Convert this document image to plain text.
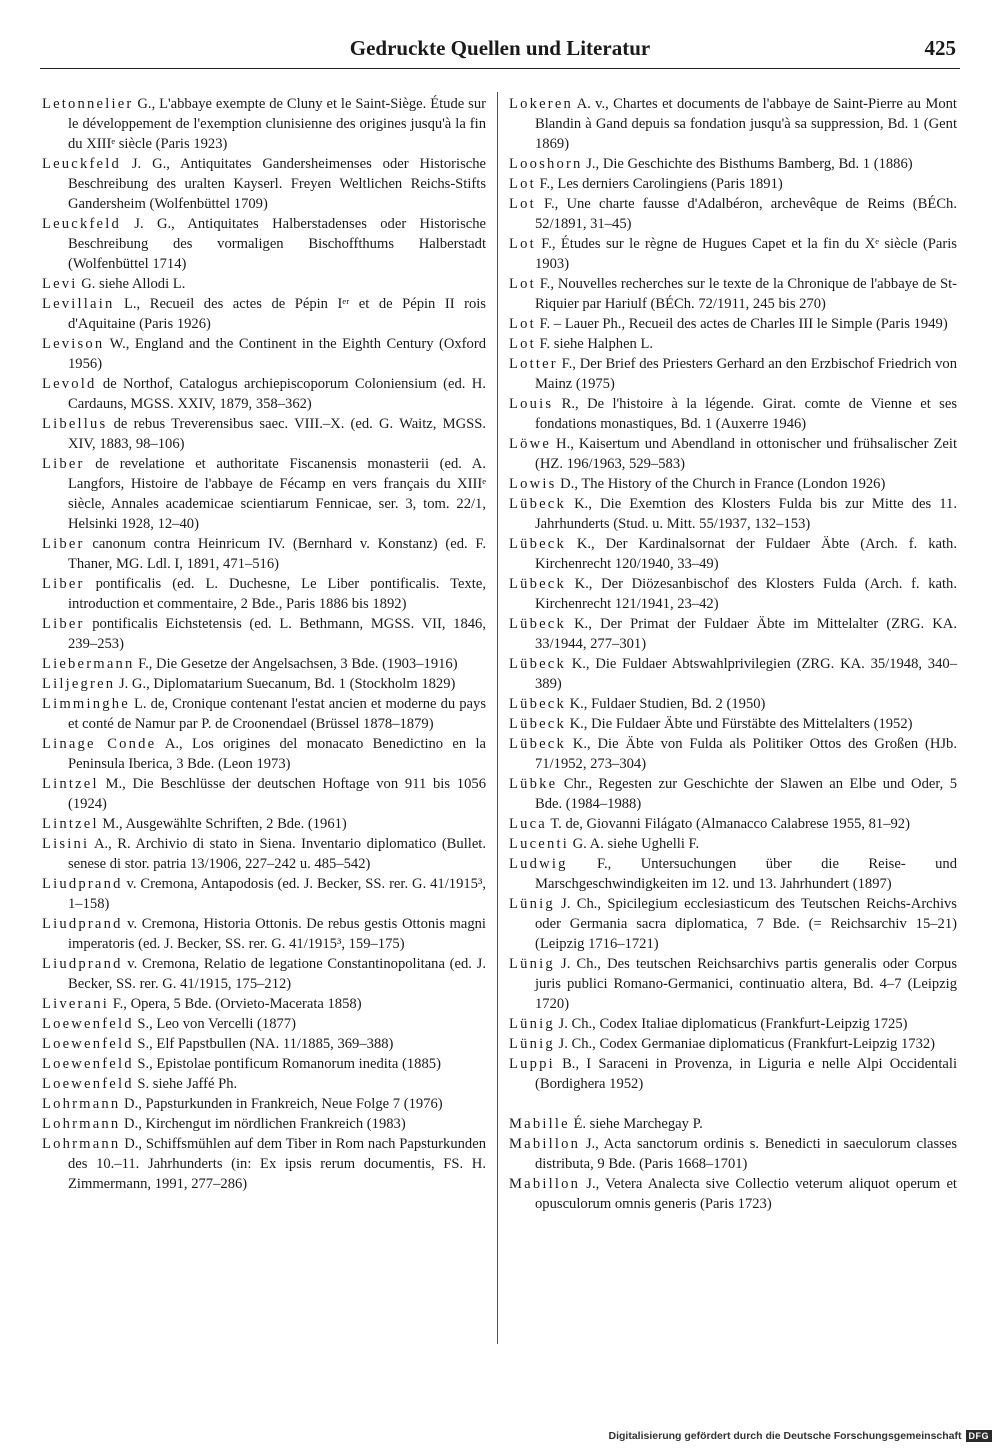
Gedruckte Quellen und Literatur	425
Letonnelier G., L'abbaye exempte de Cluny et le Saint-Siège. Étude sur le développement de l'exemption clunisienne des origines jusqu'à la fin du XIIIᵉ siècle (Paris 1923)
Leuckfeld J. G., Antiquitates Gandersheimenses oder Historische Beschreibung des uralten Kayserl. Freyen Weltlichen Reichs-Stifts Gandersheim (Wolfenbüttel 1709)
Leuckfeld J. G., Antiquitates Halberstadenses oder Historische Beschreibung des vormaligen Bischoffthums Halberstadt (Wolfenbüttel 1714)
Levi G. siehe Allodi L.
Levillain L., Recueil des actes de Pépin Iᵉʳ et de Pépin II rois d'Aquitaine (Paris 1926)
Levison W., England and the Continent in the Eighth Century (Oxford 1956)
Levold de Northof, Catalogus archiepiscoporum Coloniensium (ed. H. Cardauns, MGSS. XXIV, 1879, 358–362)
Libellus de rebus Treverensibus saec. VIII.–X. (ed. G. Waitz, MGSS. XIV, 1883, 98–106)
Liber de revelatione et authoritate Fiscanensis monasterii (ed. A. Langfors, Histoire de l'abbaye de Fécamp en vers français du XIIIᵉ siècle, Annales academicae scientiarum Fennicae, ser. 3, tom. 22/1, Helsinki 1928, 12–40)
Liber canonum contra Heinricum IV. (Bernhard v. Konstanz) (ed. F. Thaner, MG. Ldl. I, 1891, 471–516)
Liber pontificalis (ed. L. Duchesne, Le Liber pontificalis. Texte, introduction et commentaire, 2 Bde., Paris 1886 bis 1892)
Liber pontificalis Eichstetensis (ed. L. Bethmann, MGSS. VII, 1846, 239–253)
Liebermann F., Die Gesetze der Angelsachsen, 3 Bde. (1903–1916)
Liljegren J. G., Diplomatarium Suecanum, Bd. 1 (Stockholm 1829)
Limminghe L. de, Cronique contenant l'estat ancien et moderne du pays et conté de Namur par P. de Croonendael (Brüssel 1878–1879)
Linage Conde A., Los origines del monacato Benedictino en la Peninsula Iberica, 3 Bde. (Leon 1973)
Lintzel M., Die Beschlüsse der deutschen Hoftage von 911 bis 1056 (1924)
Lintzel M., Ausgewählte Schriften, 2 Bde. (1961)
Lisini A., R. Archivio di stato in Siena. Inventario diplomatico (Bullet. senese di stor. patria 13/1906, 227–242 u. 485–542)
Liudprand v. Cremona, Antapodosis (ed. J. Becker, SS. rer. G. 41/1915³, 1–158)
Liudprand v. Cremona, Historia Ottonis. De rebus gestis Ottonis magni imperatoris (ed. J. Becker, SS. rer. G. 41/1915³, 159–175)
Liudprand v. Cremona, Relatio de legatione Constantinopolitana (ed. J. Becker, SS. rer. G. 41/1915, 175–212)
Liverani F., Opera, 5 Bde. (Orvieto-Macerata 1858)
Loewenfeld S., Leo von Vercelli (1877)
Loewenfeld S., Elf Papstbullen (NA. 11/1885, 369–388)
Loewenfeld S., Epistolae pontificum Romanorum inedita (1885)
Loewenfeld S. siehe Jaffé Ph.
Lohrmann D., Papsturkunden in Frankreich, Neue Folge 7 (1976)
Lohrmann D., Kirchengut im nördlichen Frankreich (1983)
Lohrmann D., Schiffsmühlen auf dem Tiber in Rom nach Papsturkunden des 10.–11. Jahrhunderts (in: Ex ipsis rerum documentis, FS. H. Zimmermann, 1991, 277–286)
Lokeren A. v., Chartes et documents de l'abbaye de Saint-Pierre au Mont Blandin à Gand depuis sa fondation jusqu'à sa suppression, Bd. 1 (Gent 1869)
Looshorn J., Die Geschichte des Bisthums Bamberg, Bd. 1 (1886)
Lot F., Les derniers Carolingiens (Paris 1891)
Lot F., Une charte fausse d'Adalbéron, archevêque de Reims (BÉCh. 52/1891, 31–45)
Lot F., Études sur le règne de Hugues Capet et la fin du Xᵉ siècle (Paris 1903)
Lot F., Nouvelles recherches sur le texte de la Chronique de l'abbaye de St-Riquier par Hariulf (BÉCh. 72/1911, 245 bis 270)
Lot F. – Lauer Ph., Recueil des actes de Charles III le Simple (Paris 1949)
Lot F. siehe Halphen L.
Lotter F., Der Brief des Priesters Gerhard an den Erzbischof Friedrich von Mainz (1975)
Louis R., De l'histoire à la légende. Girat. comte de Vienne et ses fondations monastiques, Bd. 1 (Auxerre 1946)
Löwe H., Kaisertum und Abendland in ottonischer und frühsalischer Zeit (HZ. 196/1963, 529–583)
Lowis D., The History of the Church in France (London 1926)
Lübeck K., Die Exemtion des Klosters Fulda bis zur Mitte des 11. Jahrhunderts (Stud. u. Mitt. 55/1937, 132–153)
Lübeck K., Der Kardinalsornat der Fuldaer Äbte (Arch. f. kath. Kirchenrecht 120/1940, 33–49)
Lübeck K., Der Diözesanbischof des Klosters Fulda (Arch. f. kath. Kirchenrecht 121/1941, 23–42)
Lübeck K., Der Primat der Fuldaer Äbte im Mittelalter (ZRG. KA. 33/1944, 277–301)
Lübeck K., Die Fuldaer Abtswahlprivilegien (ZRG. KA. 35/1948, 340–389)
Lübeck K., Fuldaer Studien, Bd. 2 (1950)
Lübeck K., Die Fuldaer Äbte und Fürstäbte des Mittelalters (1952)
Lübeck K., Die Äbte von Fulda als Politiker Ottos des Großen (HJb. 71/1952, 273–304)
Lübke Chr., Regesten zur Geschichte der Slawen an Elbe und Oder, 5 Bde. (1984–1988)
Luca T. de, Giovanni Filágato (Almanacco Calabrese 1955, 81–92)
Lucenti G. A. siehe Ughelli F.
Ludwig F., Untersuchungen über die Reise- und Marschgeschwindigkeiten im 12. und 13. Jahrhundert (1897)
Lünig J. Ch., Spicilegium ecclesiasticum des Teutschen Reichs-Archivs oder Germania sacra diplomatica, 7 Bde. (= Reichsarchiv 15–21) (Leipzig 1716–1721)
Lünig J. Ch., Des teutschen Reichsarchivs partis generalis oder Corpus juris publici Romano-Germanici, continuatio altera, Bd. 4–7 (Leipzig 1720)
Lünig J. Ch., Codex Italiae diplomaticus (Frankfurt-Leipzig 1725)
Lünig J. Ch., Codex Germaniae diplomaticus (Frankfurt-Leipzig 1732)
Luppi B., I Saraceni in Provenza, in Liguria e nelle Alpi Occidentali (Bordighera 1952)
Mabille É. siehe Marchegay P.
Mabillon J., Acta sanctorum ordinis s. Benedicti in saeculorum classes distributa, 9 Bde. (Paris 1668–1701)
Mabillon J., Vetera Analecta sive Collectio veterum aliquot operum et opusculorum omnis generis (Paris 1723)
Digitalisierung gefördert durch die Deutsche Forschungsgemeinschaft DFG
